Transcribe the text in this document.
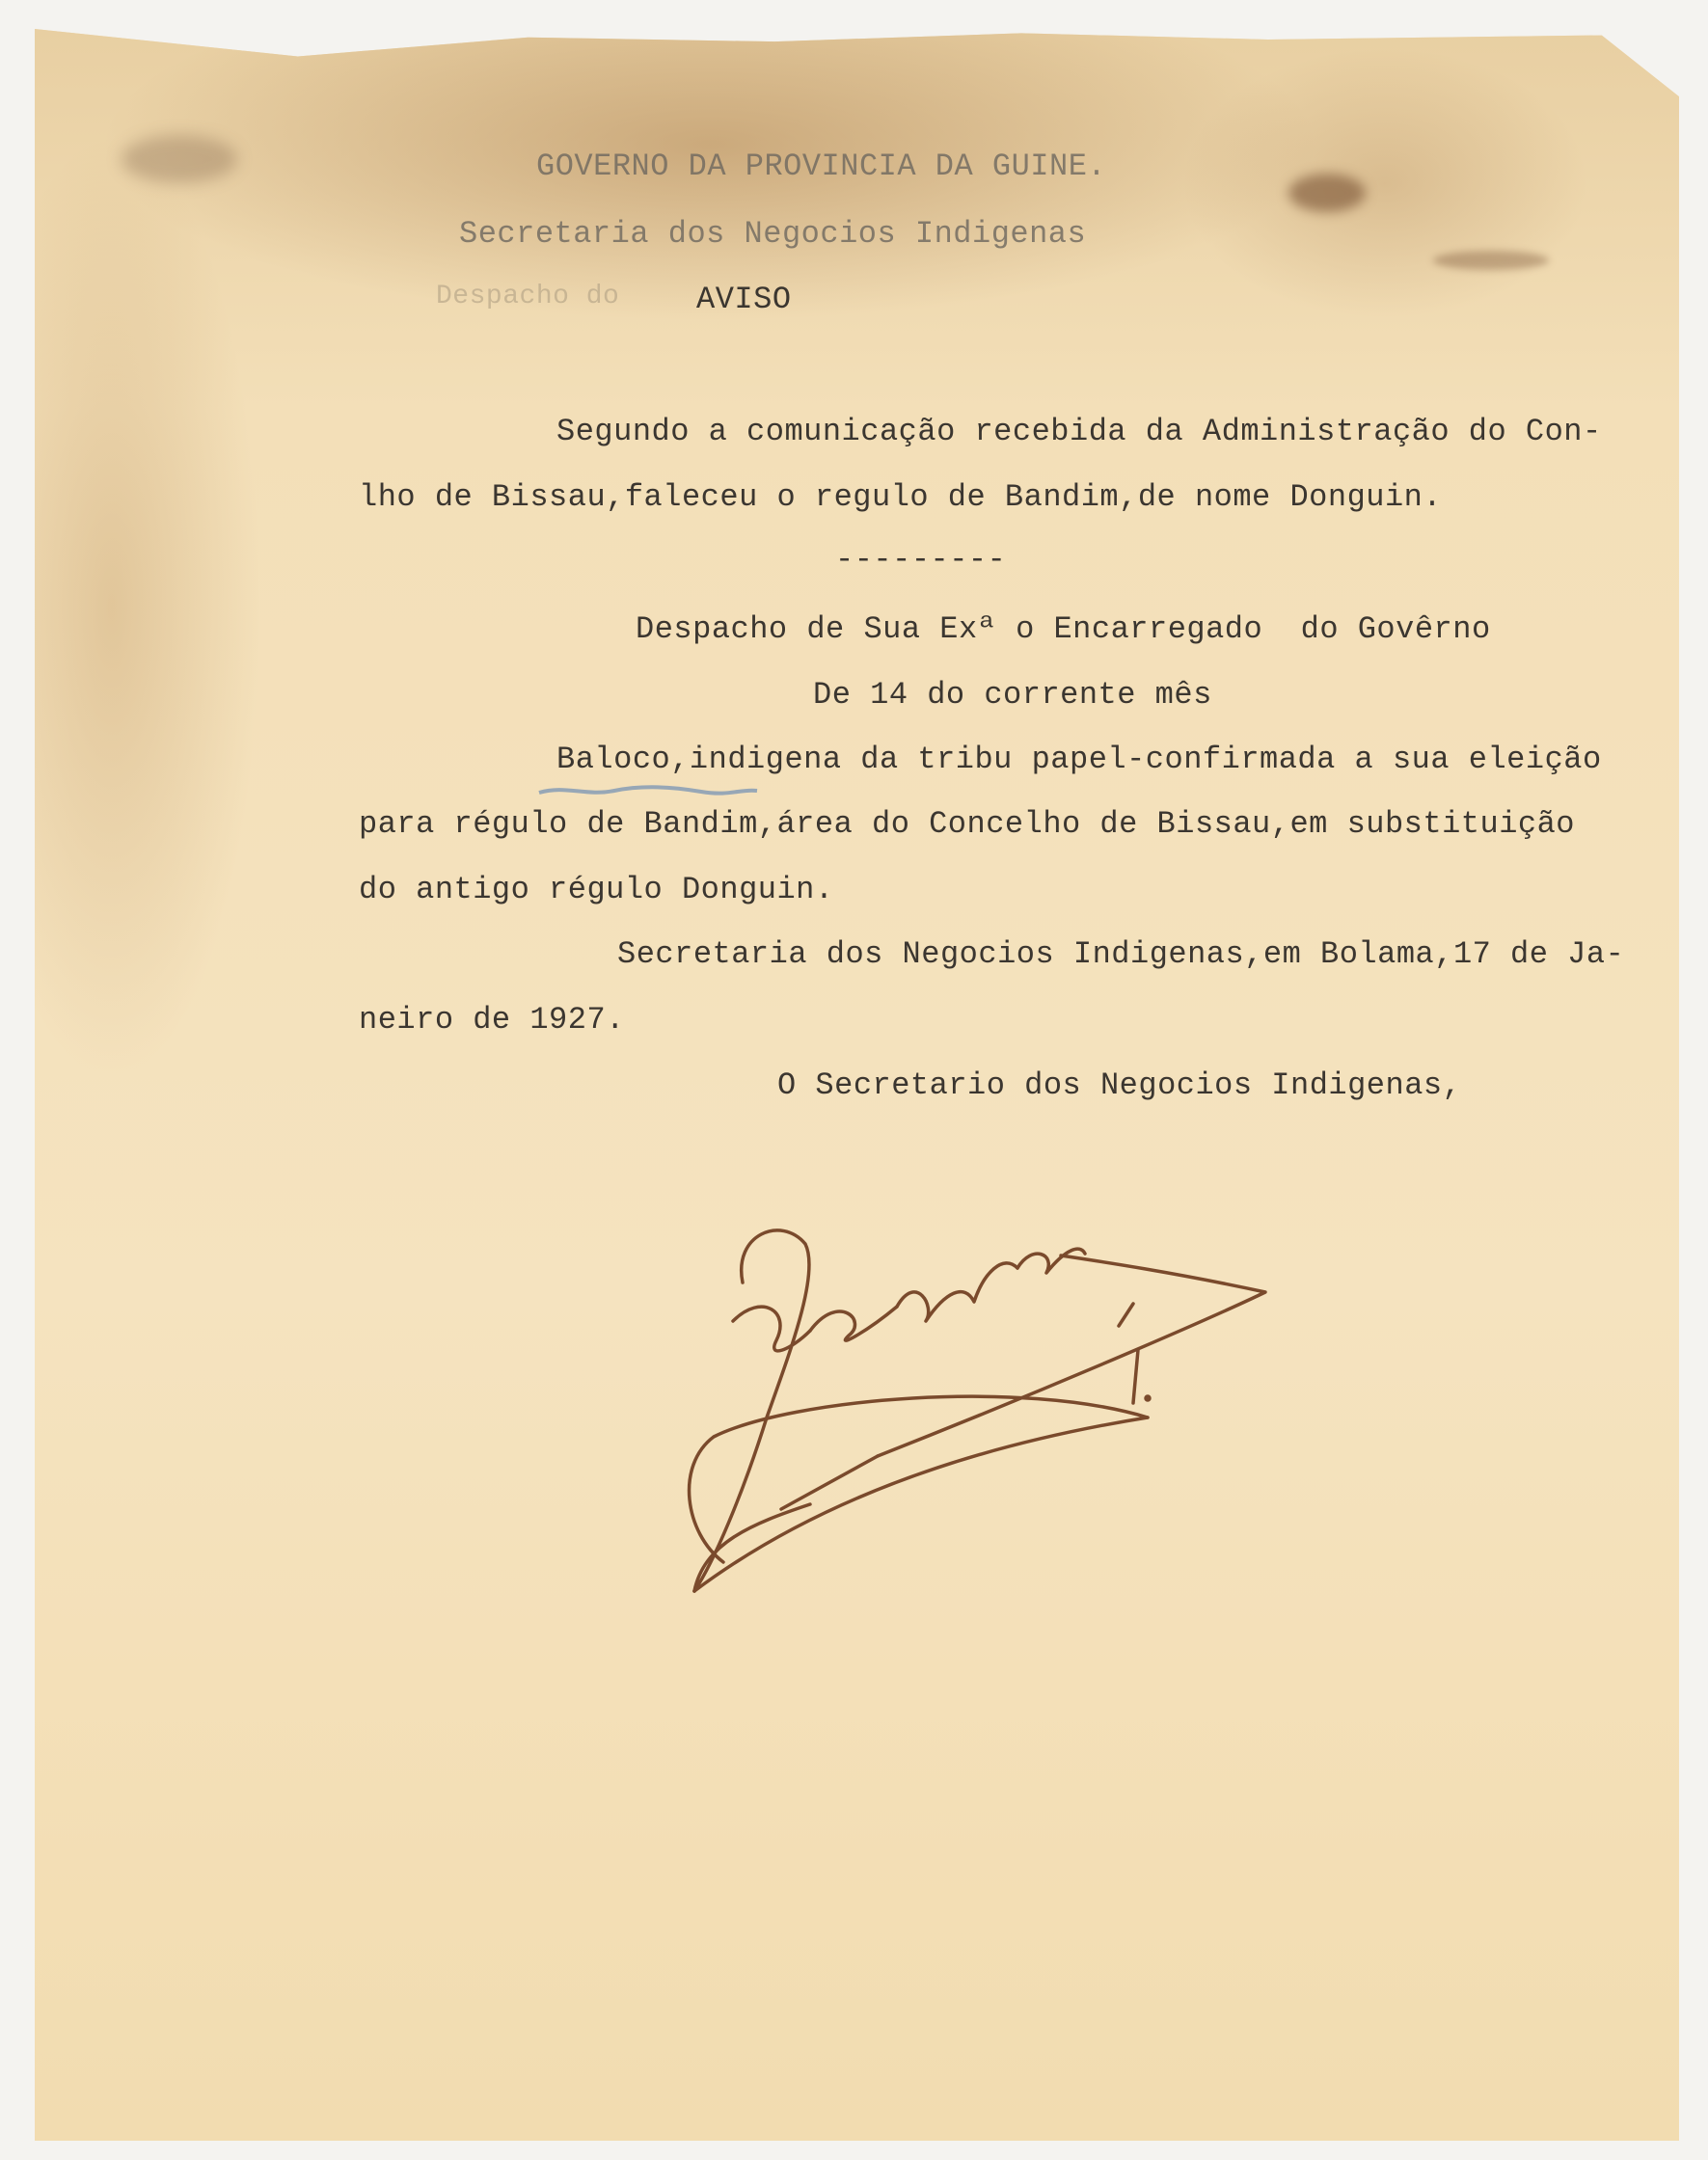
GOVERNO DA PROVINCIA DA GUINE.
Secretaria dos Negocios Indigenas
Despacho do AVISO
Segundo a comunicação recebida da Administração do Con-
lho de Bissau,faleceu o regulo de Bandim,de nome Donguin.
---------
Despacho de Sua Exª o Encarregado  do Govêrno
De 14 do corrente mês
Baloco,indigena da tribu papel-confirmada a sua eleição
para régulo de Bandim,área do Concelho de Bissau,em substituição
do antigo régulo Donguin.
Secretaria dos Negocios Indigenas,em Bolama,17 de Ja-
neiro de 1927.
O Secretario dos Negocios Indigenas,
